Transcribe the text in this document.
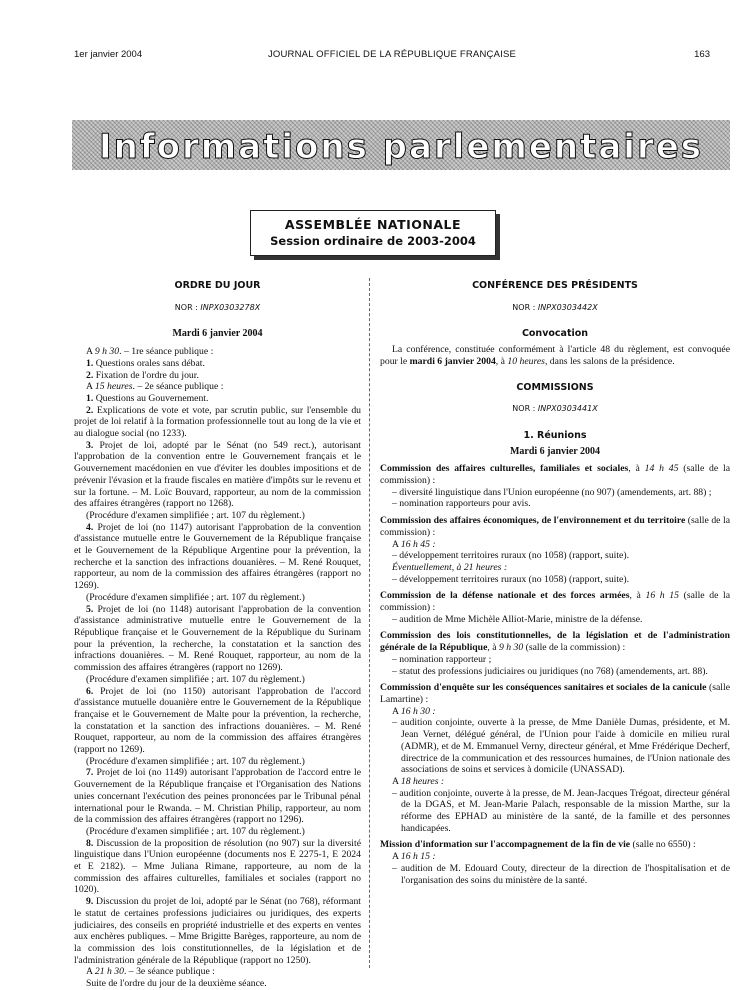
1er janvier 2004	JOURNAL OFFICIEL DE LA RÉPUBLIQUE FRANÇAISE	163
Informations parlementaires
ASSEMBLÉE NATIONALE
Session ordinaire de 2003-2004
ORDRE DU JOUR
NOR : INPX0303278X
Mardi 6 janvier 2004

A 9 h 30. – 1re séance publique :

1. Questions orales sans débat.

2. Fixation de l'ordre du jour.

A 15 heures. – 2e séance publique :

1. Questions au Gouvernement.

2. Explications de vote et vote, par scrutin public, sur l'ensemble du projet de loi relatif à la formation professionnelle tout au long de la vie et au dialogue social (no 1233).

3. Projet de loi, adopté par le Sénat (no 549 rect.), autorisant l'approbation de la convention entre le Gouvernement français et le Gouvernement macédonien en vue d'éviter les doubles impositions et de prévenir l'évasion et la fraude fiscales en matière d'impôts sur le revenu et sur la fortune. – M. Loïc Bouvard, rapporteur, au nom de la commission des affaires étrangères (rapport no 1268).

(Procédure d'examen simplifiée ; art. 107 du règlement.)

4. Projet de loi (no 1147) autorisant l'approbation de la convention d'assistance mutuelle entre le Gouvernement de la République française et le Gouvernement de la République Argentine pour la prévention, la recherche et la sanction des infractions douanières. – M. René Rouquet, rapporteur, au nom de la commission des affaires étrangères (rapport no 1269).

(Procédure d'examen simplifiée ; art. 107 du règlement.)

5. Projet de loi (no 1148) autorisant l'approbation de la convention d'assistance administrative mutuelle entre le Gouvernement de la République française et le Gouvernement de la République du Surinam pour la prévention, la recherche, la constatation et la sanction des infractions douanières. – M. René Rouquet, rapporteur, au nom de la commission des affaires étrangères (rapport no 1269).

(Procédure d'examen simplifiée ; art. 107 du règlement.)

6. Projet de loi (no 1150) autorisant l'approbation de l'accord d'assistance mutuelle douanière entre le Gouvernement de la République française et le Gouvernement de Malte pour la prévention, la recherche, la constatation et la sanction des infractions douanières. – M. René Rouquet, rapporteur, au nom de la commission des affaires étrangères (rapport no 1269).

(Procédure d'examen simplifiée ; art. 107 du règlement.)

7. Projet de loi (no 1149) autorisant l'approbation de l'accord entre le Gouvernement de la République française et l'Organisation des Nations unies concernant l'exécution des peines prononcées par le Tribunal pénal international pour le Rwanda. – M. Christian Philip, rapporteur, au nom de la commission des affaires étrangères (rapport no 1296).

(Procédure d'examen simplifiée ; art. 107 du règlement.)

8. Discussion de la proposition de résolution (no 907) sur la diversité linguistique dans l'Union européenne (documents nos E 2275-1, E 2024 et E 2182). – Mme Juliana Rimane, rapporteure, au nom de la commission des affaires culturelles, familiales et sociales (rapport no 1020).

9. Discussion du projet de loi, adopté par le Sénat (no 768), réformant le statut de certaines professions judiciaires ou juridiques, des experts judiciaires, des conseils en propriété industrielle et des experts en ventes aux enchères publiques. – Mme Brigitte Barèges, rapporteure, au nom de la commission des lois constitutionnelles, de la législation et de l'administration générale de la République (rapport no 1250).

A 21 h 30. – 3e séance publique :

Suite de l'ordre du jour de la deuxième séance.

CONFÉRENCE DES PRÉSIDENTS
NOR : INPX0303442X
Convocation

La conférence, constituée conformément à l'article 48 du règlement, est convoquée pour le mardi 6 janvier 2004, à 10 heures, dans les salons de la présidence.

COMMISSIONS
NOR : INPX0303441X
1. Réunions
Mardi 6 janvier 2004

Commission des affaires culturelles, familiales et sociales, à 14 h 45 (salle de la commission) :

– diversité linguistique dans l'Union européenne (no 907) (amendements, art. 88) ;

– nomination rapporteurs pour avis.

Commission des affaires économiques, de l'environnement et du territoire (salle de la commission) :

A 16 h 45 :

– développement territoires ruraux (no 1058) (rapport, suite).

Éventuellement, à 21 heures :

– développement territoires ruraux (no 1058) (rapport, suite).

Commission de la défense nationale et des forces armées, à 16 h 15 (salle de la commission) :

– audition de Mme Michèle Alliot-Marie, ministre de la défense.

Commission des lois constitutionnelles, de la législation et de l'administration générale de la République, à 9 h 30 (salle de la commission) :

– nomination rapporteur ;

– statut des professions judiciaires ou juridiques (no 768) (amendements, art. 88).

Commission d'enquête sur les conséquences sanitaires et sociales de la canicule (salle Lamartine) :

A 16 h 30 :

– audition conjointe, ouverte à la presse, de Mme Danièle Dumas, présidente, et M. Jean Vernet, délégué général, de l'Union pour l'aide à domicile en milieu rural (ADMR), et de M. Emmanuel Verny, directeur général, et Mme Frédérique Decherf, directrice de la communication et des ressources humaines, de l'Union nationale des associations de soins et services à domicile (UNASSAD).

A 18 heures :

– audition conjointe, ouverte à la presse, de M. Jean-Jacques Trégoat, directeur général de la DGAS, et M. Jean-Marie Palach, responsable de la mission Marthe, sur la réforme des EPHAD au ministère de la santé, de la famille et des personnes handicapées.

Mission d'information sur l'accompagnement de la fin de vie (salle no 6550) :

A 16 h 15 :

– audition de M. Edouard Couty, directeur de la direction de l'hospitalisation et de l'organisation des soins du ministère de la santé.
